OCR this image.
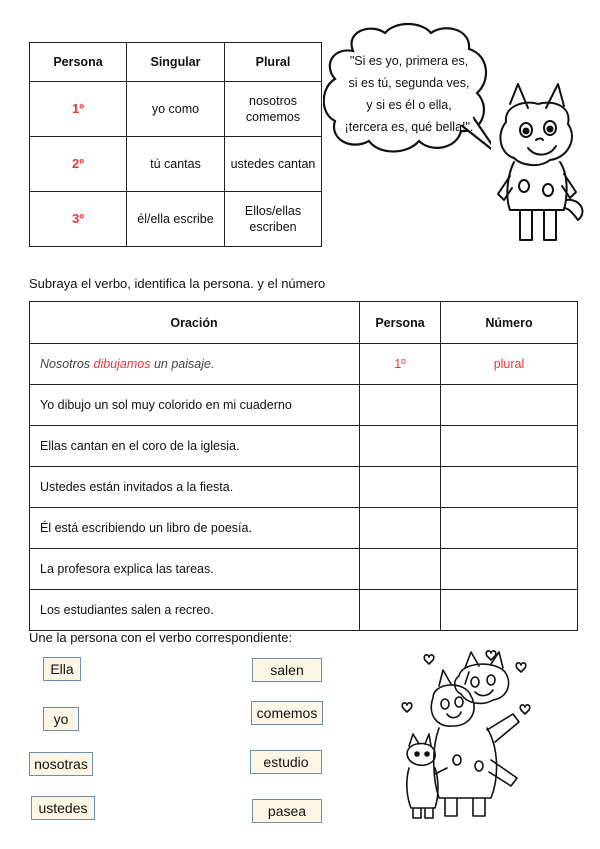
Persona	Singular	Plural
1º	yo como	nosotros comemos
2º	tú cantas	ustedes cantan
3º	él/ella escribe	Ellos/ellas escriben
"Si es yo, primera es,
si es tú, segunda ves,
y si es él o ella,
¡tercera es, qué bella!".
Subraya el verbo, identifica la persona. y el número
Oración	Persona	Número
Nosotros dibujamos un paisaje.	1º	plural
Yo dibujo un sol muy colorido en mi cuaderno		
Ellas cantan en el coro de la iglesia.		
Ustedes están invitados a la fiesta.		
Él está escribiendo un libro de poesía.		
La profesora explica las tareas.		
Los estudiantes salen a recreo.		
Une la persona con el verbo correspondiente:
Ella
yo
nosotras
ustedes
salen
comemos
estudio
pasea
